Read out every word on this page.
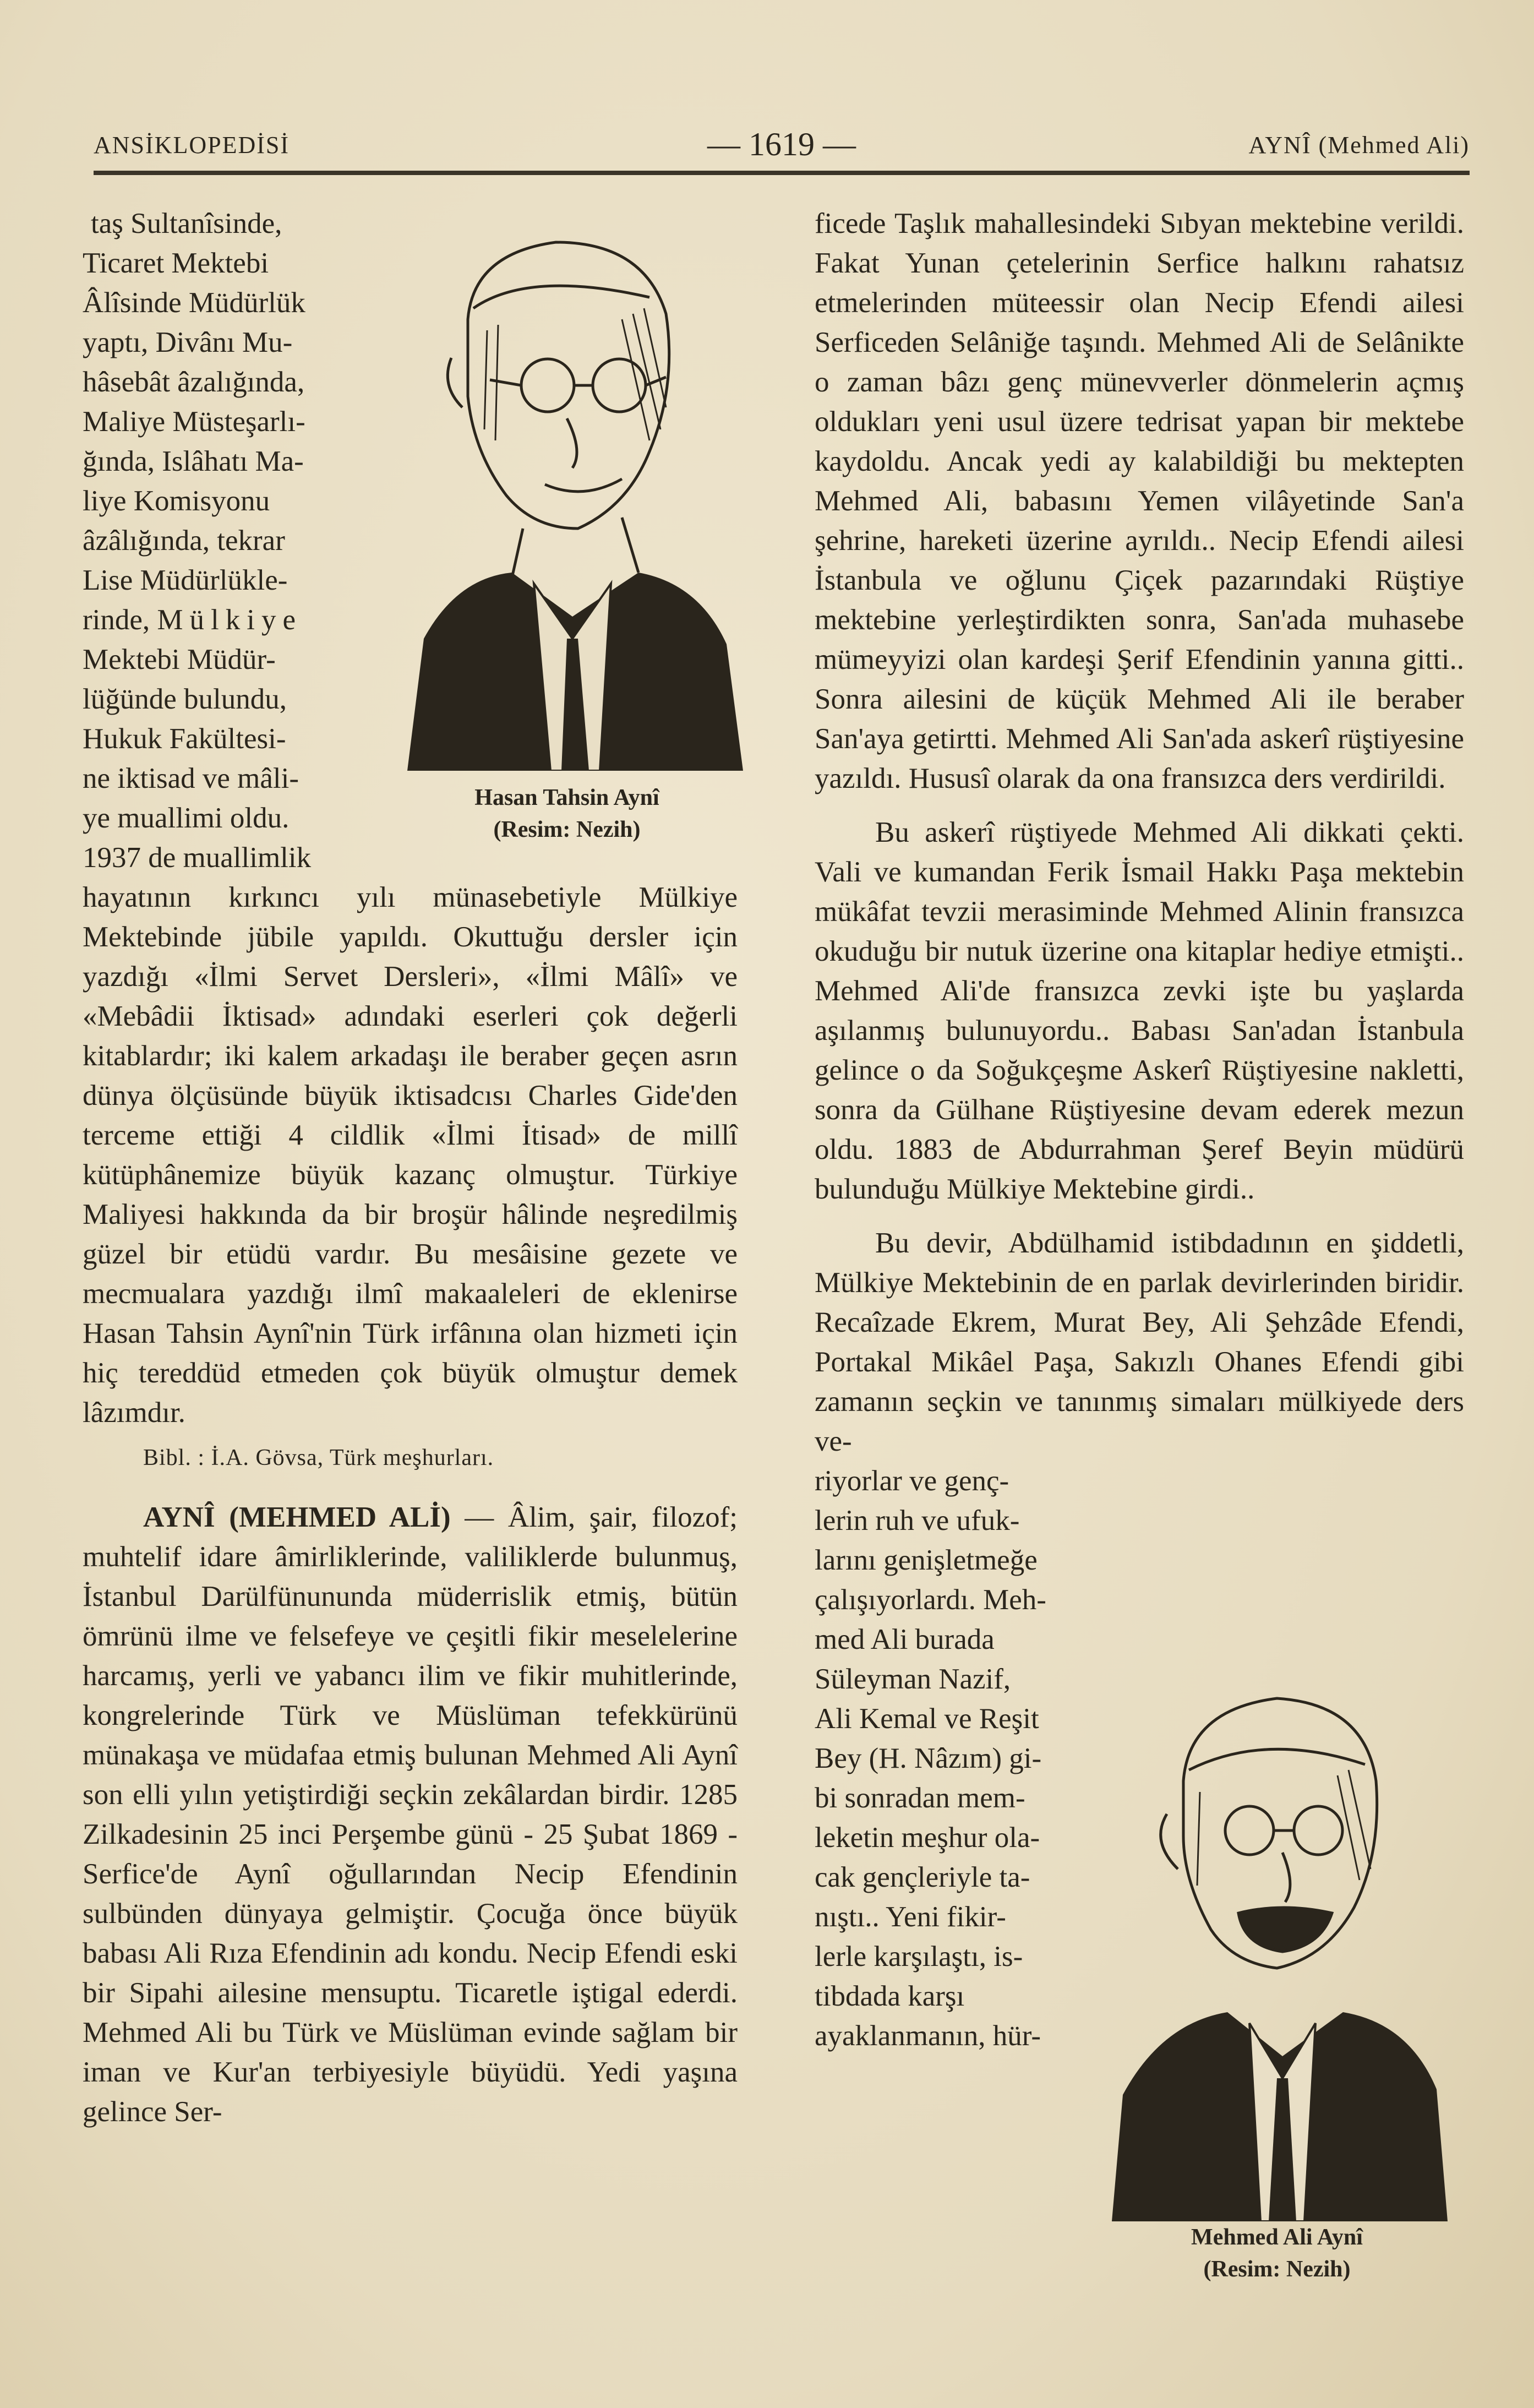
ANSİKLOPEDİSİ	— 1619 —	AYNÎ (Mehmed Ali)

taş Sultanîsinde,

Ticaret Mektebi

Âlîsinde Müdürlük

yaptı, Divânı Mu-

hâsebât âzalığında,

Maliye Müsteşarlı-

ğında, Islâhatı Ma-

liye Komisyonu

âzâlığında, tekrar

Lise Müdürlükle-

rinde, Mülkiye

Mektebi Müdür-

lüğünde bulundu,

Hukuk Fakültesi-

ne iktisad ve mâli-

ye muallimi oldu.

1937 de muallimlik

hayatının kırkıncı yılı münasebetiyle Mülkiye Mektebinde jübile yapıldı. Okuttuğu dersler için yazdığı «İlmi Servet Dersleri», «İlmi Mâlî» ve «Mebâdii İktisad» adındaki eserleri çok değerli kitablardır; iki kalem arkadaşı ile beraber geçen asrın dünya ölçüsünde büyük iktisadcısı Charles Gide'den terceme ettiği 4 cildlik «İlmi İtisad» de millî kütüphânemize büyük kazanç olmuştur. Türkiye Maliyesi hakkında da bir broşür hâlinde neşredilmiş güzel bir etüdü vardır. Bu mesâisine gezete ve mecmualara yazdığı ilmî makaaleleri de eklenirse Hasan Tahsin Aynî'nin Türk irfânına olan hizmeti için hiç tereddüd etmeden çok büyük olmuştur demek lâzımdır.

Bibl. : İ.A. Gövsa, Türk meşhurları.

AYNÎ (MEHMED ALİ) — Âlim, şair, filozof; muhtelif idare âmirliklerinde, valiliklerde bulunmuş, İstanbul Darülfünununda müderrislik etmiş, bütün ömrünü ilme ve felsefeye ve çeşitli fikir meselelerine harcamış, yerli ve yabancı ilim ve fikir muhitlerinde, kongrelerinde Türk ve Müslüman tefekkürünü münakaşa ve müdafaa etmiş bulunan Mehmed Ali Aynî son elli yılın yetiştirdiği seçkin zekâlardan birdir. 1285 Zilkadesinin 25 inci Perşembe günü - 25 Şubat 1869 - Serfice'de Aynî oğullarından Necip Efendinin sulbünden dünyaya gelmiştir. Çocuğa önce büyük babası Ali Rıza Efendinin adı kondu. Necip Efendi eski bir Sipahi ailesine mensuptu. Ticaretle iştigal ederdi. Mehmed Ali bu Türk ve Müslüman evinde sağlam bir iman ve Kur'an terbiyesiyle büyüdü. Yedi yaşına gelince Ser-

Hasan Tahsin Aynî
(Resim: Nezih)

ficede Taşlık mahallesindeki Sıbyan mektebine verildi. Fakat Yunan çetelerinin Serfice halkını rahatsız etmelerinden müteessir olan Necip Efendi ailesi Serficeden Selâniğe taşındı. Mehmed Ali de Selânikte o zaman bâzı genç münevverler dönmelerin açmış oldukları yeni usul üzere tedrisat yapan bir mektebe kaydoldu. Ancak yedi ay kalabildiği bu mektepten Mehmed Ali, babasını Yemen vilâyetinde San'a şehrine, hareketi üzerine ayrıldı.. Necip Efendi ailesi İstanbula ve oğlunu Çiçek pazarındaki Rüştiye mektebine yerleştirdikten sonra, San'ada muhasebe mümeyyizi olan kardeşi Şerif Efendinin yanına gitti.. Sonra ailesini de küçük Mehmed Ali ile beraber San'aya getirtti. Mehmed Ali San'ada askerî rüştiyesine yazıldı. Hususî olarak da ona fransızca ders verdirildi.

Bu askerî rüştiyede Mehmed Ali dikkati çekti. Vali ve kumandan Ferik İsmail Hakkı Paşa mektebin mükâfat tevzii merasiminde Mehmed Alinin fransızca okuduğu bir nutuk üzerine ona kitaplar hediye etmişti.. Mehmed Ali'de fransızca zevki işte bu yaşlarda aşılanmış bulunuyordu.. Babası San'adan İstanbula gelince o da Soğukçeşme Askerî Rüştiyesine nakletti, sonra da Gülhane Rüştiyesine devam ederek mezun oldu. 1883 de Abdurrahman Şeref Beyin müdürü bulunduğu Mülkiye Mektebine girdi..

Bu devir, Abdülhamid istibdadının en şiddetli, Mülkiye Mektebinin de en parlak devirlerinden biridir. Recaîzade Ekrem, Murat Bey, Ali Şehzâde Efendi, Portakal Mikâel Paşa, Sakızlı Ohanes Efendi gibi zamanın seçkin ve tanınmış simaları mülkiyede ders ve-

riyorlar ve genç-

lerin ruh ve ufuk-

larını genişletmeğe

çalışıyorlardı. Meh-

med Ali burada

Süleyman Nazif,

Ali Kemal ve Reşit

Bey (H. Nâzım) gi-

bi sonradan mem-

leketin meşhur ola-

cak gençleriyle ta-

nıştı.. Yeni fikir-

lerle karşılaştı, is-

tibdada karşı

ayaklanmanın, hür-

Mehmed Ali Aynî
(Resim: Nezih)
